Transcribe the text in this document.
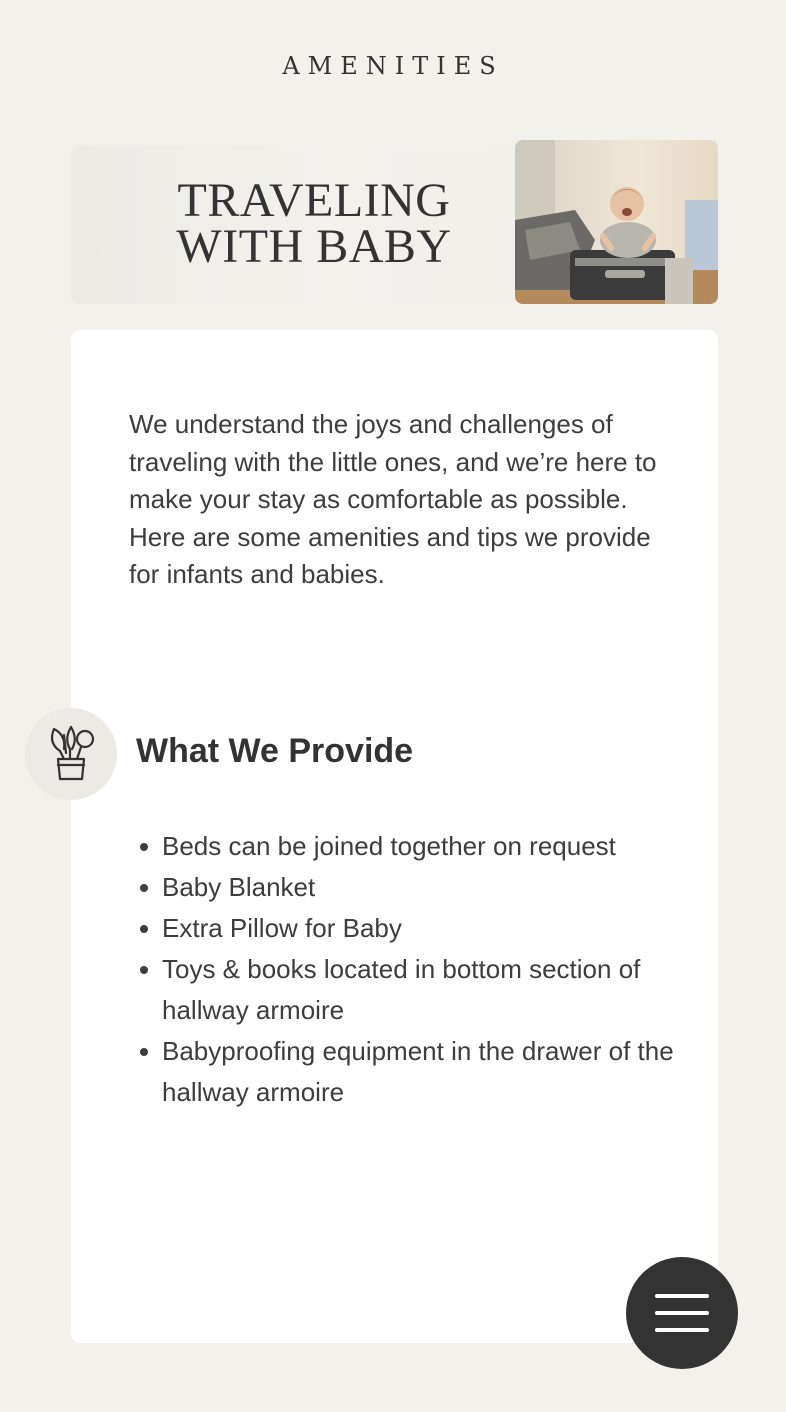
AMENITIES
TRAVELING WITH BABY

We understand the joys and challenges of traveling with the little ones, and we’re here to make your stay as comfortable as possible. Here are some amenities and tips we provide for infants and babies.

What We Provide
Beds can be joined together on request
Baby Blanket
Extra Pillow for Baby
Toys & books located in bottom section of hallway armoire
Babyproofing equipment in the drawer of the hallway armoire
